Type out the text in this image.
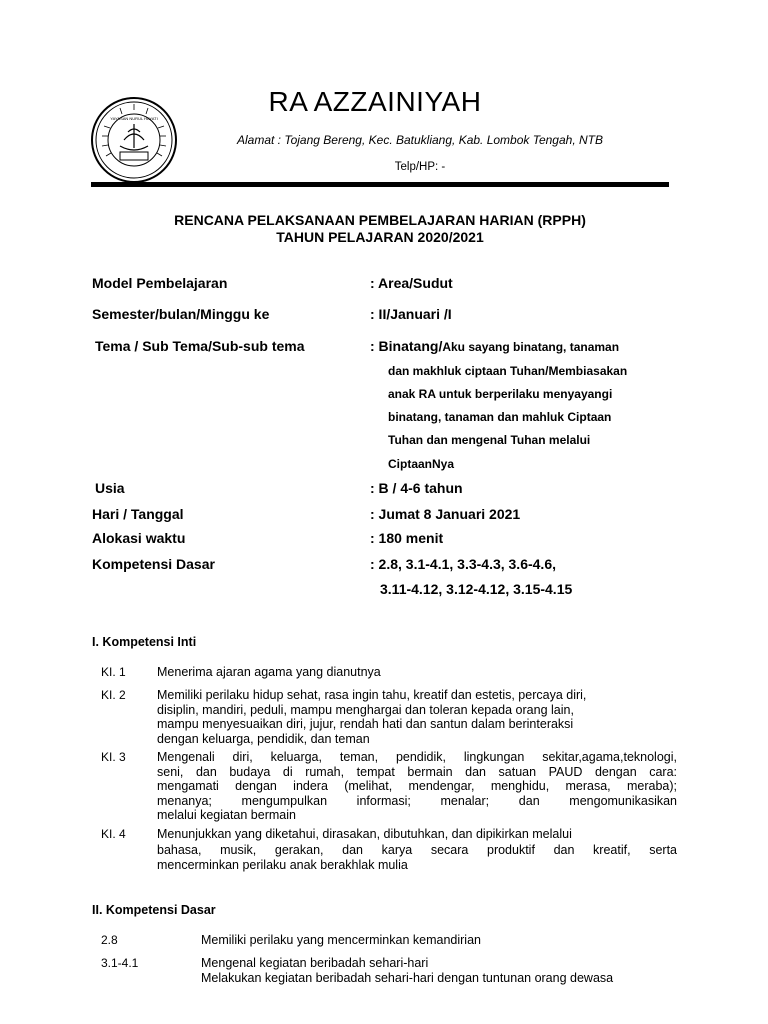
YAYASAN NURUL HAYATI
RA AZZAINIYAH
Alamat : Tojang Bereng, Kec. Batukliang, Kab. Lombok Tengah, NTB
Telp/HP: -
RENCANA PELAKSANAAN PEMBELAJARAN HARIAN (RPPH)
TAHUN PELAJARAN 2020/2021
Model Pembelajaran	: Area/Sudut
Semester/bulan/Minggu ke	: II/Januari /I
Tema / Sub Tema/Sub-sub tema	: Binatang/Aku sayang binatang, tanaman
dan makhluk ciptaan Tuhan/Membiasakan
anak RA untuk berperilaku menyayangi
binatang, tanaman dan mahluk Ciptaan
Tuhan dan mengenal Tuhan melalui
CiptaanNya
Usia	: B / 4-6 tahun
Hari / Tanggal	: Jumat 8 Januari 2021
Alokasi waktu	: 180 menit
Kompetensi Dasar	: 2.8, 3.1-4.1, 3.3-4.3, 3.6-4.6,
3.11-4.12, 3.12-4.12, 3.15-4.15
I. Kompetensi Inti
KI. 1	Menerima ajaran agama yang dianutnya
KI. 2	Memiliki perilaku hidup sehat, rasa ingin tahu, kreatif dan estetis, percaya diri,
disiplin, mandiri, peduli, mampu menghargai dan toleran kepada orang lain,
mampu menyesuaikan diri, jujur, rendah hati dan santun dalam berinteraksi
dengan keluarga, pendidik, dan teman
KI. 3	Mengenali diri, keluarga, teman, pendidik, lingkungan sekitar,agama,teknologi,
seni, dan budaya di rumah, tempat bermain dan satuan PAUD dengan cara:
mengamati dengan indera (melihat, mendengar, menghidu, merasa, meraba);
menanya; mengumpulkan informasi; menalar; dan mengomunikasikan
melalui kegiatan bermain
KI. 4	Menunjukkan yang diketahui, dirasakan, dibutuhkan, dan dipikirkan melalui
bahasa, musik, gerakan, dan karya secara produktif dan kreatif, serta
mencerminkan perilaku anak berakhlak mulia
II. Kompetensi Dasar
2.8	Memiliki perilaku yang mencerminkan kemandirian
3.1-4.1	Mengenal kegiatan beribadah sehari-hari
Melakukan kegiatan beribadah sehari-hari dengan tuntunan orang dewasa
